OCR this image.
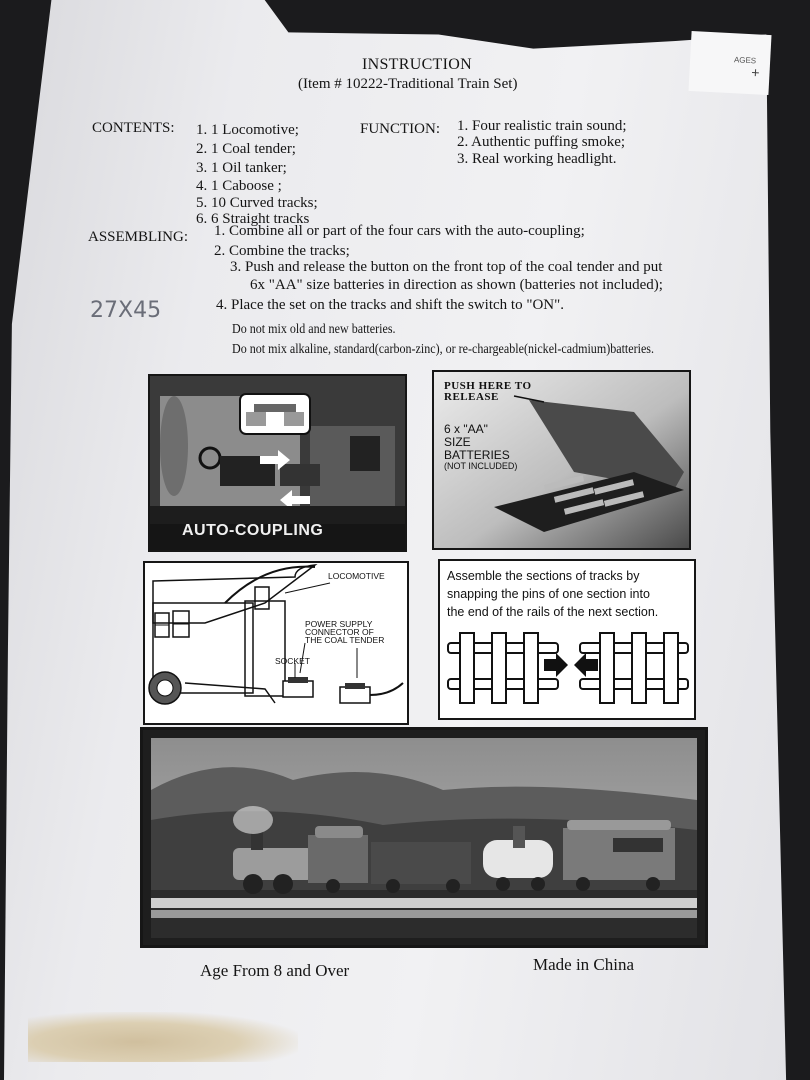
AGES
+
INSTRUCTION
(Item # 10222-Traditional Train Set)
CONTENTS: 1. 1 Locomotive;
2. 1 Coal tender;
3. 1 Oil tanker;
4. 1 Caboose ;
5. 10 Curved tracks;
6. 6 Straight tracks
FUNCTION: 1. Four realistic train sound;
2. Authentic puffing smoke;
3. Real working headlight.
ASSEMBLING: 1. Combine all or part of the four cars with the auto-coupling;
2. Combine the tracks;
3. Push and release the button on the front top of the coal tender and put
6x "AA" size batteries in direction as shown (batteries not included);
4. Place the set on the tracks and shift the switch to "ON".
Do not mix old and new batteries.
Do not mix alkaline, standard(carbon-zinc), or re-chargeable(nickel-cadmium)batteries.
27X45
AUTO-COUPLING
PUSH HERE TO
RELEASE
6 x "AA"
SIZE
BATTERIES
(NOT INCLUDED)
LOCOMOTIVE
POWER SUPPLY
CONNECTOR OF
THE COAL TENDER
SOCKET
Assemble the sections of tracks by
snapping the pins of one section into
the end of the rails of the next section.
Age From 8 and Over	Made in China
